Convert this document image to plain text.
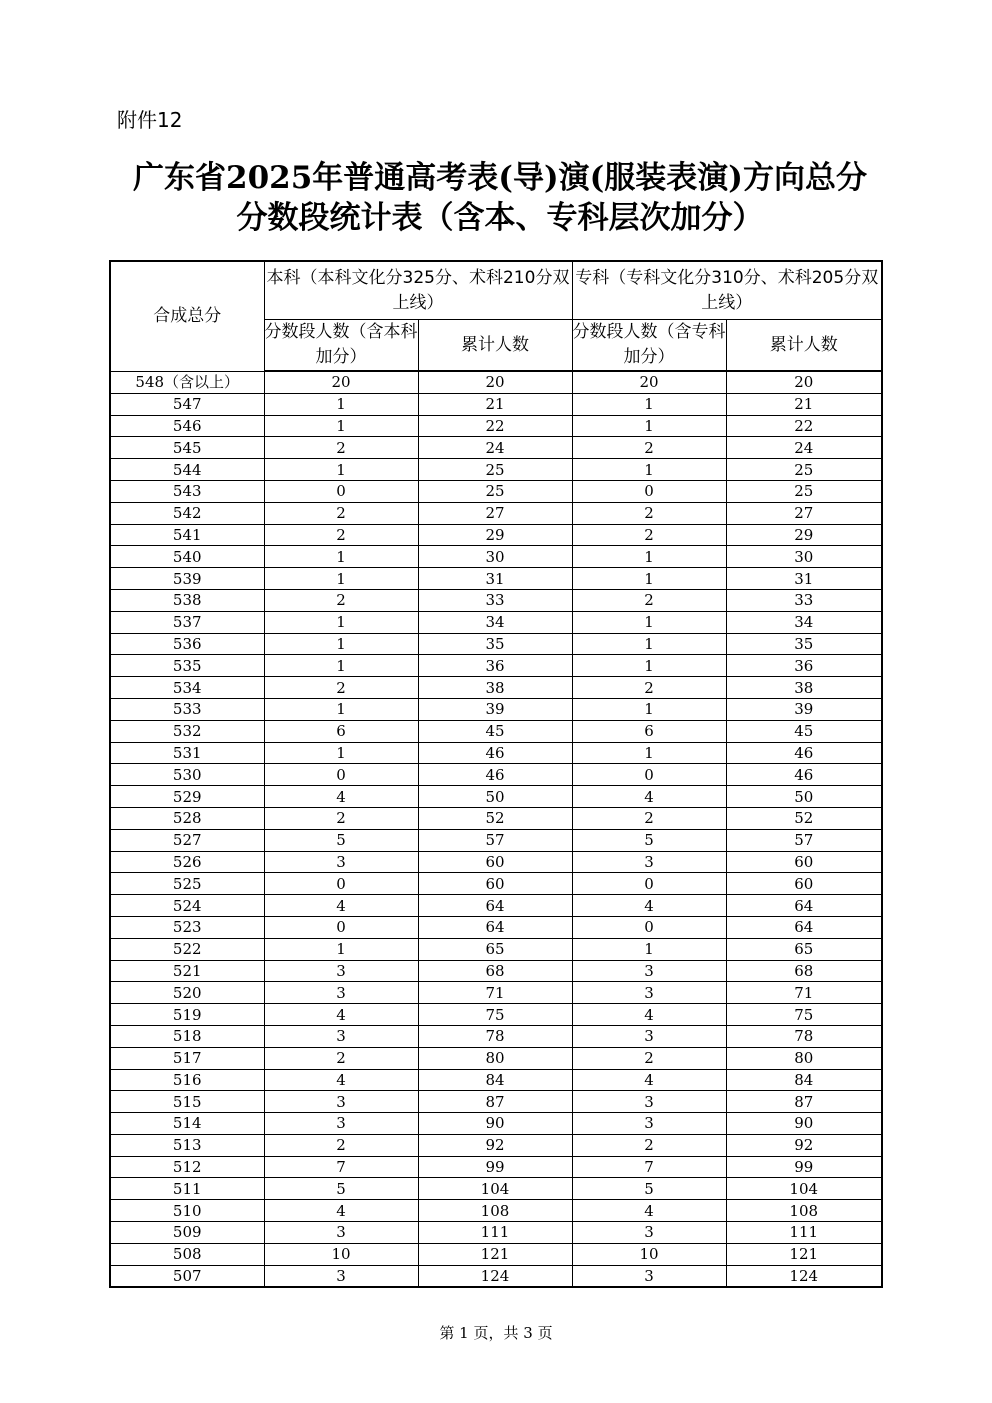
附件12
广东省2025年普通高考表(导)演(服装表演)方向总分
分数段统计表（含本、专科层次加分）
合成总分	本科（本科文化分325分、术科210分双上线）		专科（专科文化分310分、术科205分双上线）	
	分数段人数（含本科加分）	累计人数	分数段人数（含专科加分）	累计人数
548（含以上）	20	20	20	20
547	1	21	1	21
546	1	22	1	22
545	2	24	2	24
544	1	25	1	25
543	0	25	0	25
542	2	27	2	27
541	2	29	2	29
540	1	30	1	30
539	1	31	1	31
538	2	33	2	33
537	1	34	1	34
536	1	35	1	35
535	1	36	1	36
534	2	38	2	38
533	1	39	1	39
532	6	45	6	45
531	1	46	1	46
530	0	46	0	46
529	4	50	4	50
528	2	52	2	52
527	5	57	5	57
526	3	60	3	60
525	0	60	0	60
524	4	64	4	64
523	0	64	0	64
522	1	65	1	65
521	3	68	3	68
520	3	71	3	71
519	4	75	4	75
518	3	78	3	78
517	2	80	2	80
516	4	84	4	84
515	3	87	3	87
514	3	90	3	90
513	2	92	2	92
512	7	99	7	99
511	5	104	5	104
510	4	108	4	108
509	3	111	3	111
508	10	121	10	121
507	3	124	3	124
第 1 页，共 3 页
